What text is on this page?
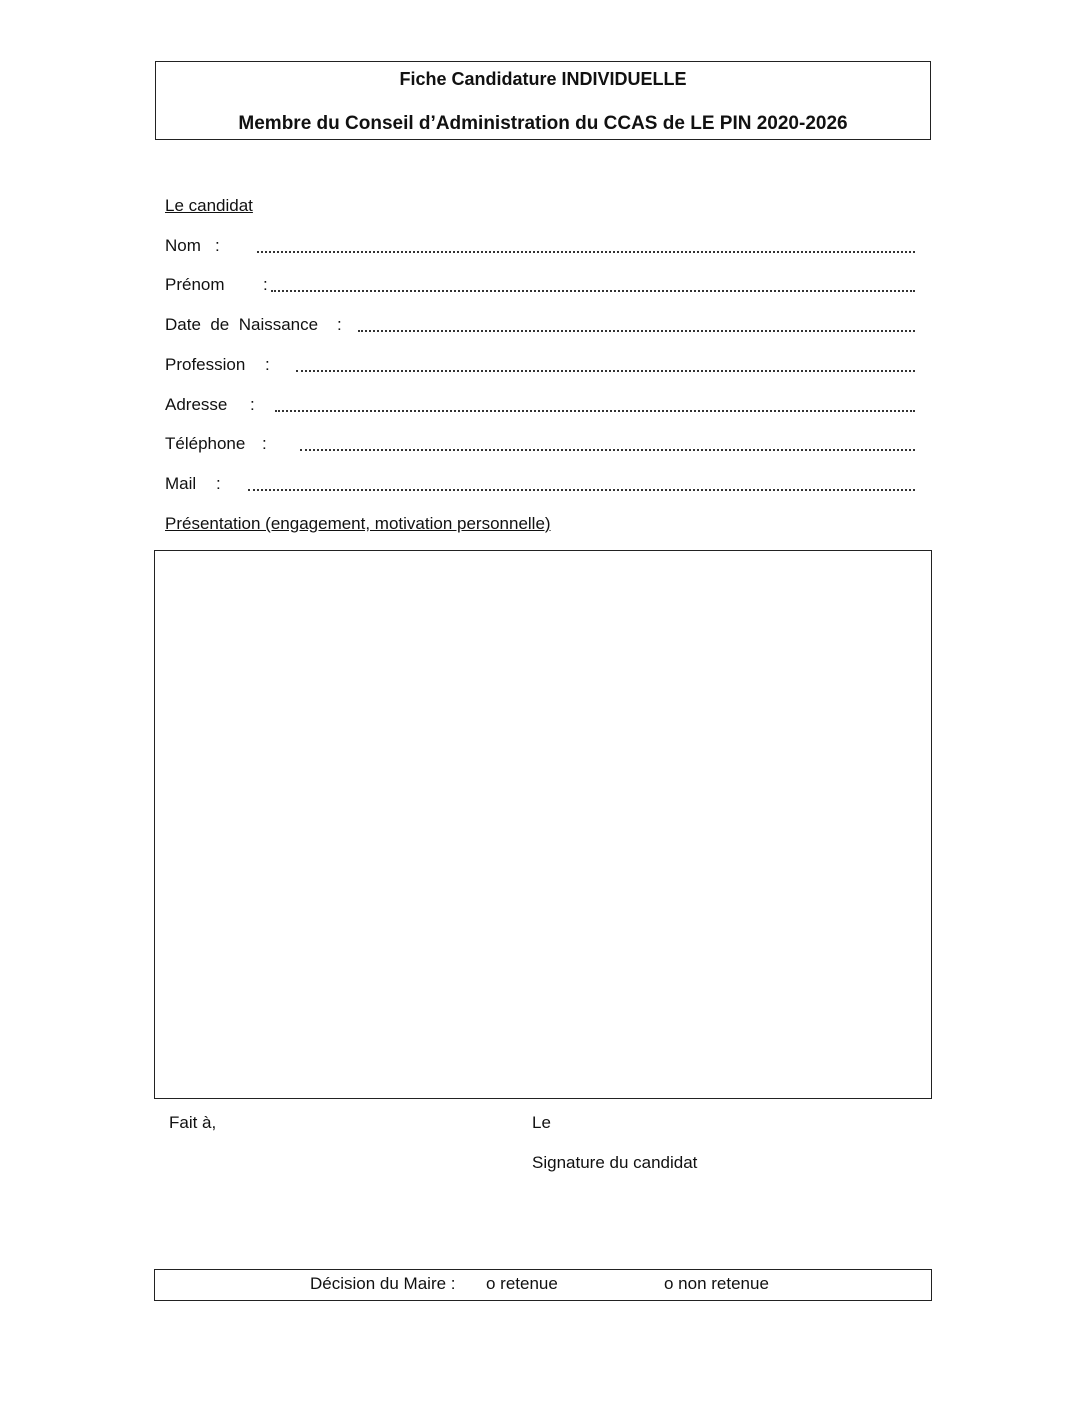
Fiche Candidature INDIVIDUELLE
Membre du Conseil d’Administration du CCAS de LE PIN 2020-2026
Le candidat
Nom :
Prénom :
Date  de  Naissance :
Profession :
Adresse :
Téléphone :
Mail :
Présentation (engagement, motivation personnelle)
Fait à,	Le
Signature du candidat
Décision du Maire : o retenue	o non retenue
